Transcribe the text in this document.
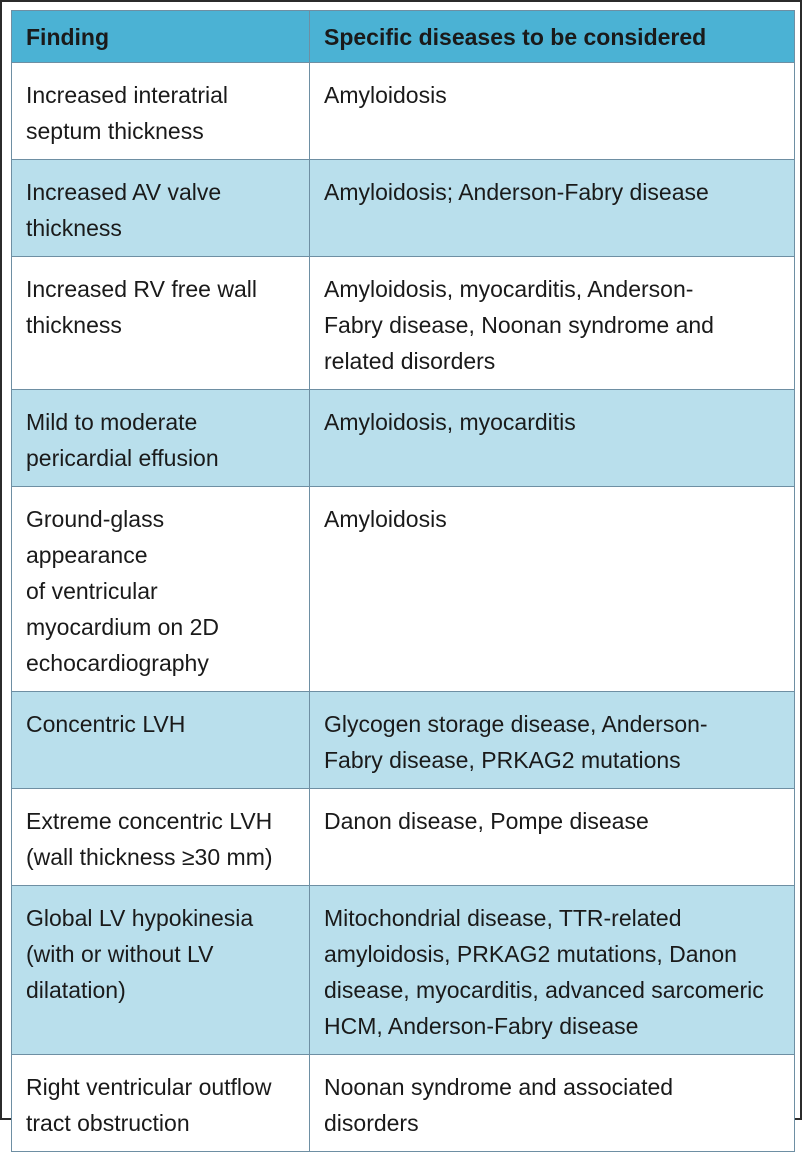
Finding	Specific diseases to be considered

Increased interatrial
septum thickness	Amyloidosis

Increased AV valve
thickness	Amyloidosis; Anderson-Fabry disease

Increased RV free wall
thickness	Amyloidosis, myocarditis, Anderson-
Fabry disease, Noonan syndrome and
related disorders

Mild to moderate
pericardial effusion	Amyloidosis, myocarditis

Ground-glass
appearance
of ventricular
myocardium on 2D
echocardiography	Amyloidosis

Concentric LVH	Glycogen storage disease, Anderson-
Fabry disease, PRKAG2 mutations

Extreme concentric LVH
(wall thickness ≥30 mm)	Danon disease, Pompe disease

Global LV hypokinesia
(with or without LV
dilatation)	Mitochondrial disease, TTR-related
amyloidosis, PRKAG2 mutations, Danon
disease, myocarditis, advanced sarcomeric
HCM, Anderson-Fabry disease

Right ventricular outflow
tract obstruction	Noonan syndrome and associated
disorders
